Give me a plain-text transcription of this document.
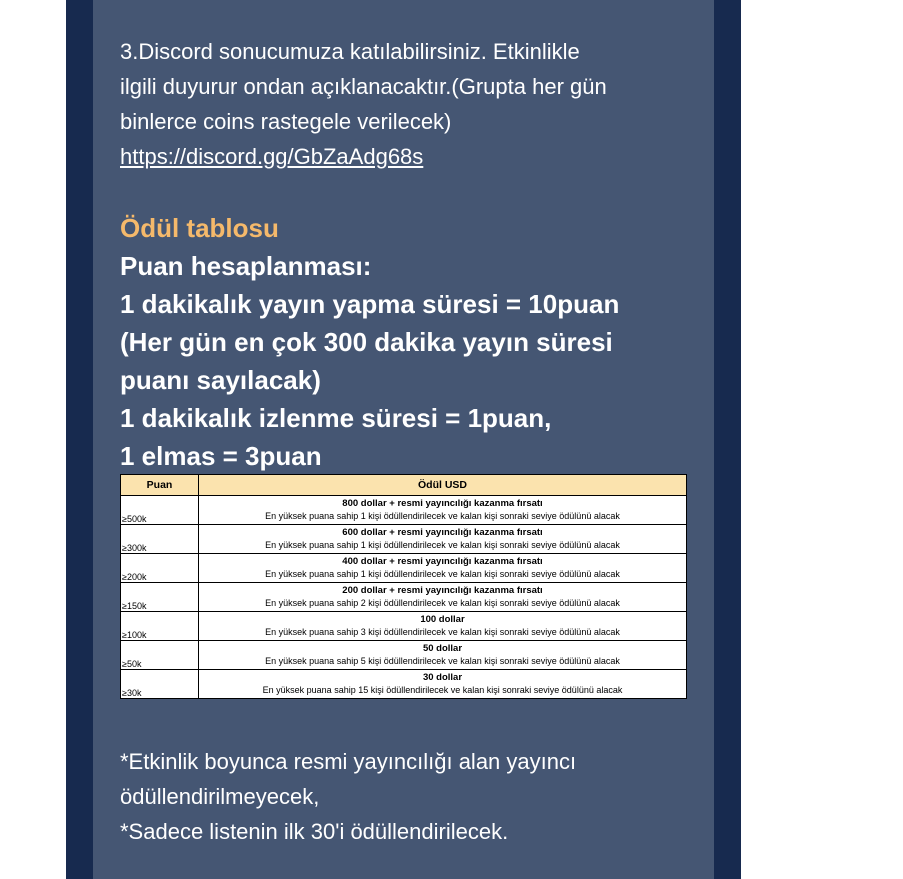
3.Discord sonucumuza katılabilirsiniz. Etkinlikle
ilgili duyurur ondan açıklanacaktır.(Grupta her gün
binlerce coins rastegele verilecek)
https://discord.gg/GbZaAdg68s

Ödül tablosu
Puan hesaplanması:
1 dakikalık yayın yapma süresi = 10puan
(Her gün en çok 300 dakika yayın süresi
puanı sayılacak)
1 dakikalık izlenme süresi = 1puan,
1 elmas = 3puan
Puan	Ödül USD
≥500k	800 dollar + resmi yayıncılığı kazanma fırsatı
En yüksek puana sahip 1 kişi ödüllendirilecek ve kalan kişi sonraki seviye ödülünü alacak

≥300k	600 dollar + resmi yayıncılığı kazanma fırsatı
En yüksek puana sahip 1 kişi ödüllendirilecek ve kalan kişi sonraki seviye ödülünü alacak

≥200k	400 dollar + resmi yayıncılığı kazanma fırsatı
En yüksek puana sahip 1 kişi ödüllendirilecek ve kalan kişi sonraki seviye ödülünü alacak

≥150k	200 dollar + resmi yayıncılığı kazanma fırsatı
En yüksek puana sahip 2 kişi ödüllendirilecek ve kalan kişi sonraki seviye ödülünü alacak

≥100k	100 dollar
En yüksek puana sahip 3 kişi ödüllendirilecek ve kalan kişi sonraki seviye ödülünü alacak

≥50k	50 dollar
En yüksek puana sahip 5 kişi ödüllendirilecek ve kalan kişi sonraki seviye ödülünü alacak

≥30k	30 dollar
En yüksek puana sahip 15 kişi ödüllendirilecek ve kalan kişi sonraki seviye ödülünü alacak
*Etkinlik boyunca resmi yayıncılığı alan yayıncı
ödüllendirilmeyecek,
*Sadece listenin ilk 30'i ödüllendirilecek.
